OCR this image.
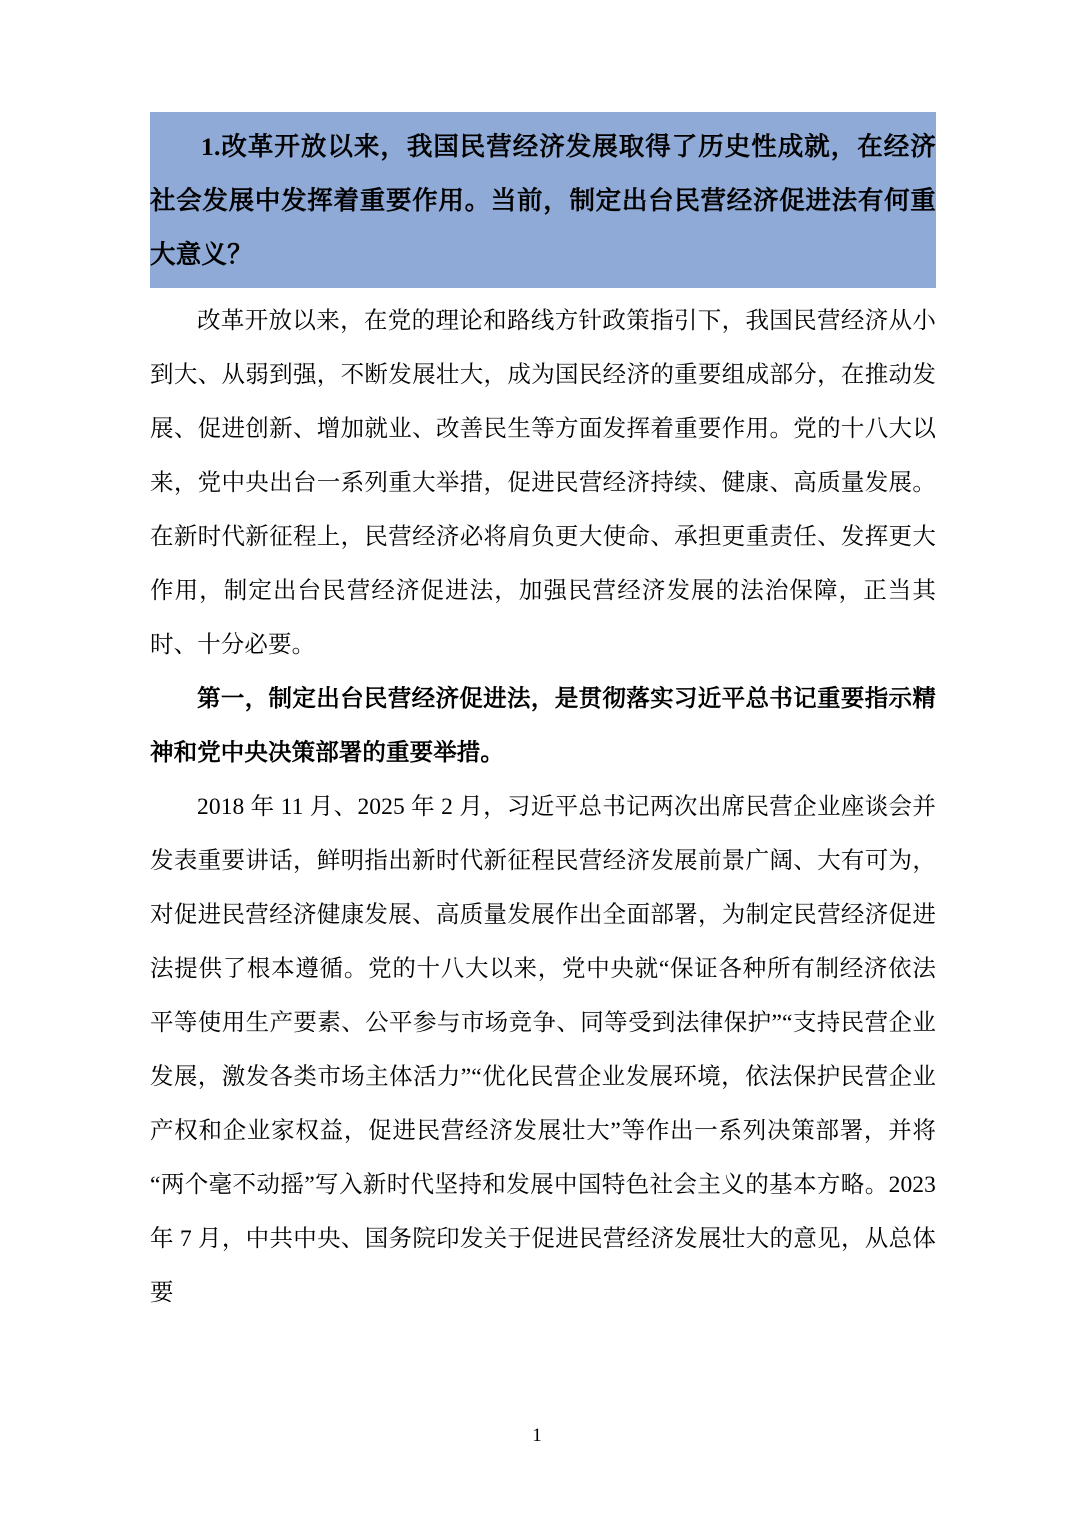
1.改革开放以来，我国民营经济发展取得了历史性成就，在经济社会发展中发挥着重要作用。当前，制定出台民营经济促进法有何重大意义？

改革开放以来，在党的理论和路线方针政策指引下，我国民营经济从小到大、从弱到强，不断发展壮大，成为国民经济的重要组成部分，在推动发展、促进创新、增加就业、改善民生等方面发挥着重要作用。党的十八大以来，党中央出台一系列重大举措，促进民营经济持续、健康、高质量发展。在新时代新征程上，民营经济必将肩负更大使命、承担更重责任、发挥更大作用，制定出台民营经济促进法，加强民营经济发展的法治保障，正当其时、十分必要。

第一，制定出台民营经济促进法，是贯彻落实习近平总书记重要指示精神和党中央决策部署的重要举措。

2018 年 11 月、2025 年 2 月，习近平总书记两次出席民营企业座谈会并发表重要讲话，鲜明指出新时代新征程民营经济发展前景广阔、大有可为，对促进民营经济健康发展、高质量发展作出全面部署，为制定民营经济促进法提供了根本遵循。党的十八大以来，党中央就“保证各种所有制经济依法平等使用生产要素、公平参与市场竞争、同等受到法律保护”“支持民营企业发展，激发各类市场主体活力”“优化民营企业发展环境，依法保护民营企业产权和企业家权益，促进民营经济发展壮大”等作出一系列决策部署，并将“两个毫不动摇”写入新时代坚持和发展中国特色社会主义的基本方略。2023 年 7 月，中共中央、国务院印发关于促进民营经济发展壮大的意见，从总体要

1
